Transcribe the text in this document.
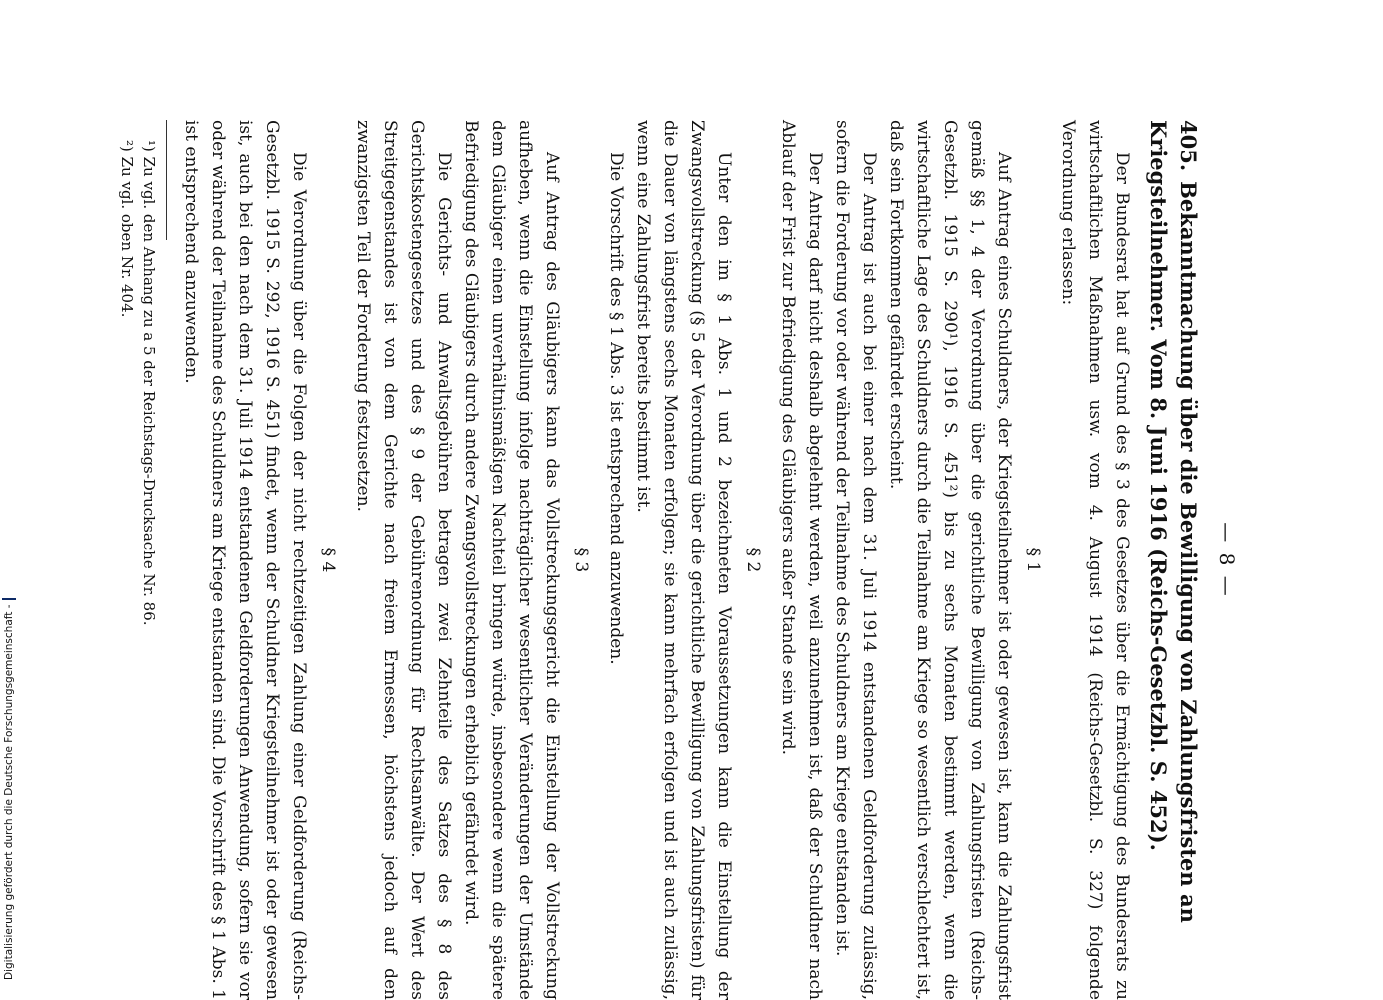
— 8 —
405.Bekanntmachung über die Bewilligung von Zahlungsfristen an Kriegsteilnehmer. Vom 8. Juni 1916 (Reichs-Gesetzbl. S. 452).

Der Bundesrat hat auf Grund des § 3 des Gesetzes über die Ermächtigung des Bundesrats zu wirtschaftlichen Maßnahmen usw. vom 4. August 1914 (Reichs-Gesetzbl. S. 327) folgende Verordnung erlassen:

§ 1

Auf Antrag eines Schuldners, der Kriegsteilnehmer ist oder gewesen ist, kann die Zahlungsfrist gemäß §§ 1, 4 der Verordnung über die gerichtliche Bewilligung von Zahlungsfristen (Reichs-Gesetzbl. 1915 S. 290¹), 1916 S. 451²) bis zu sechs Monaten bestimmt werden, wenn die wirtschaftliche Lage des Schuldners durch die Teilnahme am Kriege so wesentlich verschlechtert ist, daß sein Fortkommen gefährdet erscheint.

Der Antrag ist auch bei einer nach dem 31. Juli 1914 entstandenen Geldforderung zulässig, sofern die Forderung vor oder während der Teilnahme des Schuldners am Kriege entstanden ist.

Der Antrag darf nicht deshalb abgelehnt werden, weil anzunehmen ist, daß der Schuldner nach Ablauf der Frist zur Befriedigung des Gläubigers außer Stande sein wird.

§ 2

Unter den im § 1 Abs. 1 und 2 bezeichneten Voraussetzungen kann die Einstellung der Zwangsvollstreckung (§ 5 der Verordnung über die gerichtliche Bewilligung von Zahlungsfristen) für die Dauer von längstens sechs Monaten erfolgen; sie kann mehrfach erfolgen und ist auch zulässig, wenn eine Zahlungsfrist bereits bestimmt ist.

Die Vorschrift des § 1 Abs. 3 ist entsprechend anzuwenden.

§ 3

Auf Antrag des Gläubigers kann das Vollstreckungsgericht die Einstellung der Vollstreckung aufheben, wenn die Einstellung infolge nachträglicher wesentlicher Veränderungen der Umstände dem Gläubiger einen unverhältnismäßigen Nachteil bringen würde, insbesondere wenn die spätere Befriedigung des Gläubigers durch andere Zwangsvollstreckungen erheblich gefährdet wird.

Die Gerichts- und Anwaltsgebühren betragen zwei Zehnteile des Satzes des § 8 des Gerichtskostengesetzes und des § 9 der Gebührenordnung für Rechtsanwälte. Der Wert des Streitgegenstandes ist von dem Gerichte nach freiem Ermessen, höchstens jedoch auf den zwanzigsten Teil der Forderung festzusetzen.

§ 4

Die Verordnung über die Folgen der nicht rechtzeitigen Zahlung einer Geldforderung (Reichs-Gesetzbl. 1915 S. 292, 1916 S. 451) findet, wenn der Schuldner Kriegsteilnehmer ist oder gewesen ist, auch bei den nach dem 31. Juli 1914 entstandenen Geldforderungen Anwendung, sofern sie vor oder während der Teilnahme des Schuldners am Kriege entstanden sind. Die Vorschrift des § 1 Abs. 1 ist entsprechend anzuwenden.

¹) Zu vgl. den Anhang zu a 5 der Reichstags-Drucksache Nr. 86.
²) Zu vgl. oben Nr. 404.
Digitalisierung gefördert durch die Deutsche Forschungsgemeinschaft -
